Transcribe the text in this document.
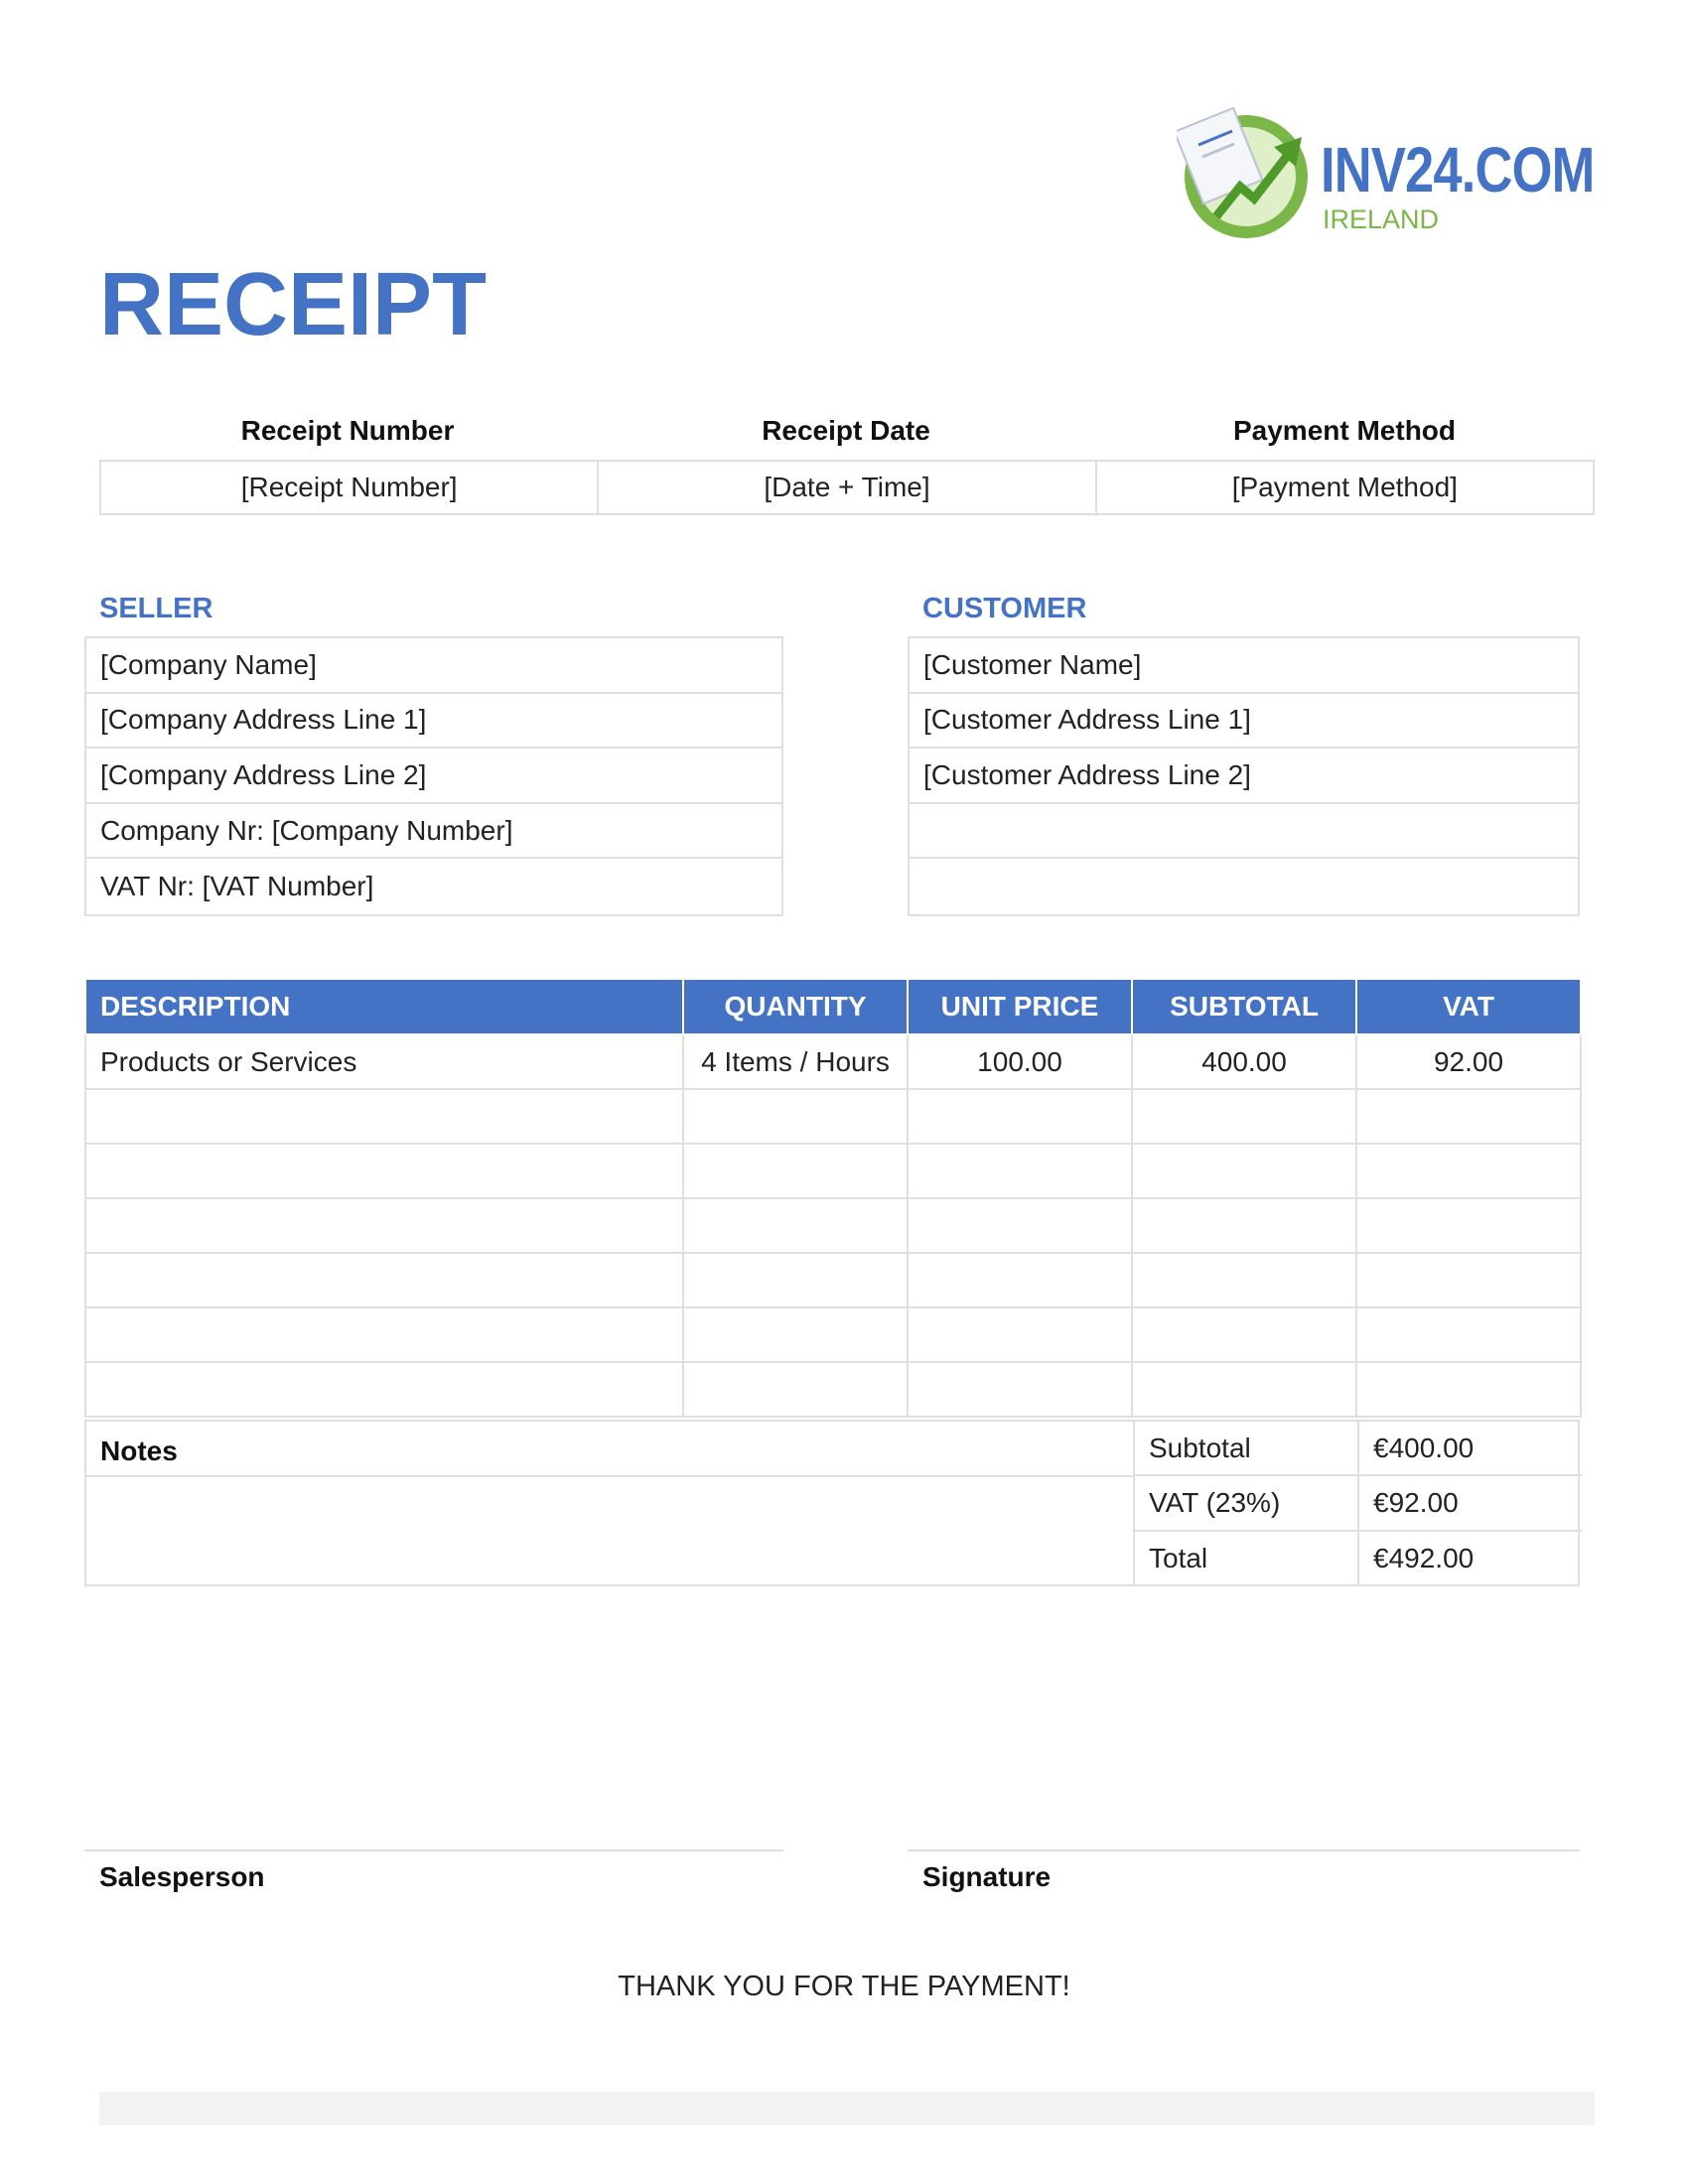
INV24.COM
IRELAND
RECEIPT
Receipt Number	Receipt Date	Payment Method
[Receipt Number]	[Date + Time]	[Payment Method]
SELLER
[Company Name]
[Company Address Line 1]
[Company Address Line 2]
Company Nr: [Company Number]
VAT Nr: [VAT Number]
CUSTOMER
[Customer Name]
[Customer Address Line 1]
[Customer Address Line 2]
DESCRIPTION	QUANTITY	UNIT PRICE	SUBTOTAL	VAT
Products or Services	4 Items / Hours	100.00	400.00	92.00

Notes	Subtotal	€400.00
VAT (23%)	€92.00
Total	€492.00
Salesperson	Signature
THANK YOU FOR THE PAYMENT!
